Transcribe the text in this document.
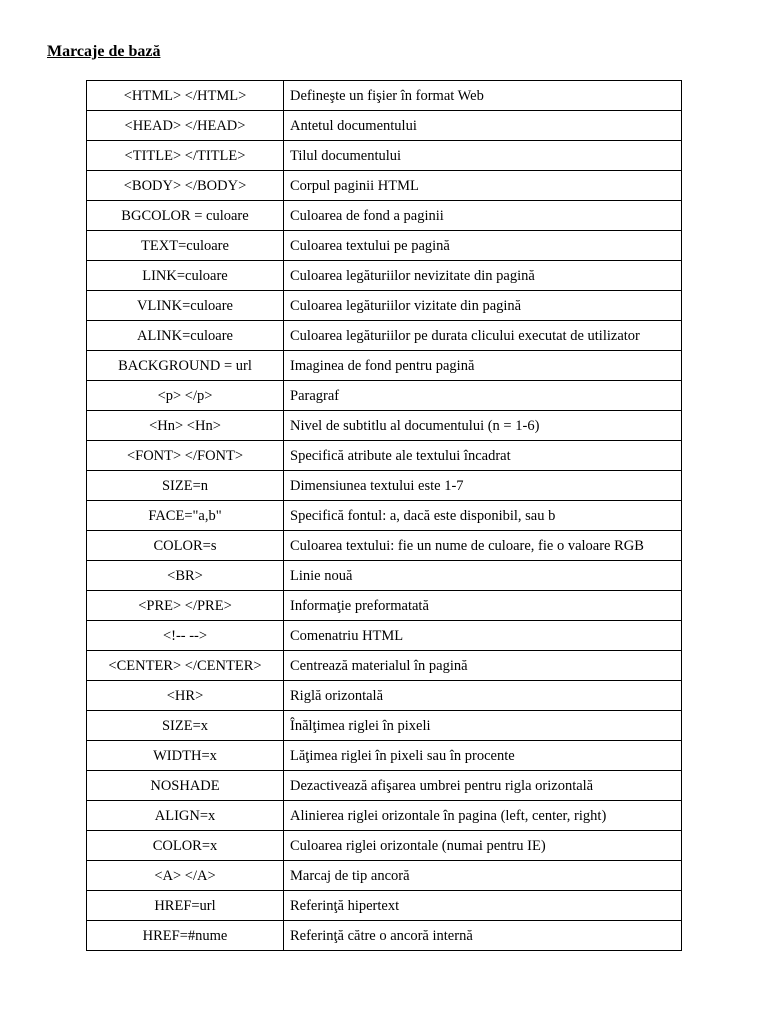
Marcaje de bază
<HTML> </HTML>	Defineşte un fişier în format Web
<HEAD> </HEAD>	Antetul documentului
<TITLE> </TITLE>	Tilul documentului
<BODY> </BODY>	Corpul paginii HTML
BGCOLOR = culoare	Culoarea de fond a paginii
TEXT=culoare	Culoarea textului pe pagină
LINK=culoare	Culoarea legăturiilor nevizitate din pagină
VLINK=culoare	Culoarea legăturiilor vizitate din pagină
ALINK=culoare	Culoarea legăturiilor pe durata clicului executat de utilizator
BACKGROUND = url	Imaginea de fond pentru pagină
<p> </p>	Paragraf
<Hn> <Hn>	Nivel de subtitlu al documentului (n = 1-6)
<FONT> </FONT>	Specifică atribute ale textului încadrat
SIZE=n	Dimensiunea textului este 1-7
FACE="a,b"	Specifică fontul: a, dacă este disponibil, sau b
COLOR=s	Culoarea textului: fie un nume de culoare, fie o valoare RGB
<BR>	Linie nouă
<PRE> </PRE>	Informaţie preformatată
<!-- -->	Comenatriu HTML
<CENTER> </CENTER>	Centrează materialul în pagină
<HR>	Riglă orizontală
SIZE=x	Înălţimea riglei în pixeli
WIDTH=x	Lăţimea riglei în pixeli sau în procente
NOSHADE	Dezactivează afişarea umbrei pentru rigla orizontală
ALIGN=x	Alinierea riglei orizontale în pagina (left, center, right)
COLOR=x	Culoarea riglei orizontale (numai pentru IE)
<A> </A>	Marcaj de tip ancoră
HREF=url	Referinţă hipertext
HREF=#nume	Referinţă către o ancoră internă
